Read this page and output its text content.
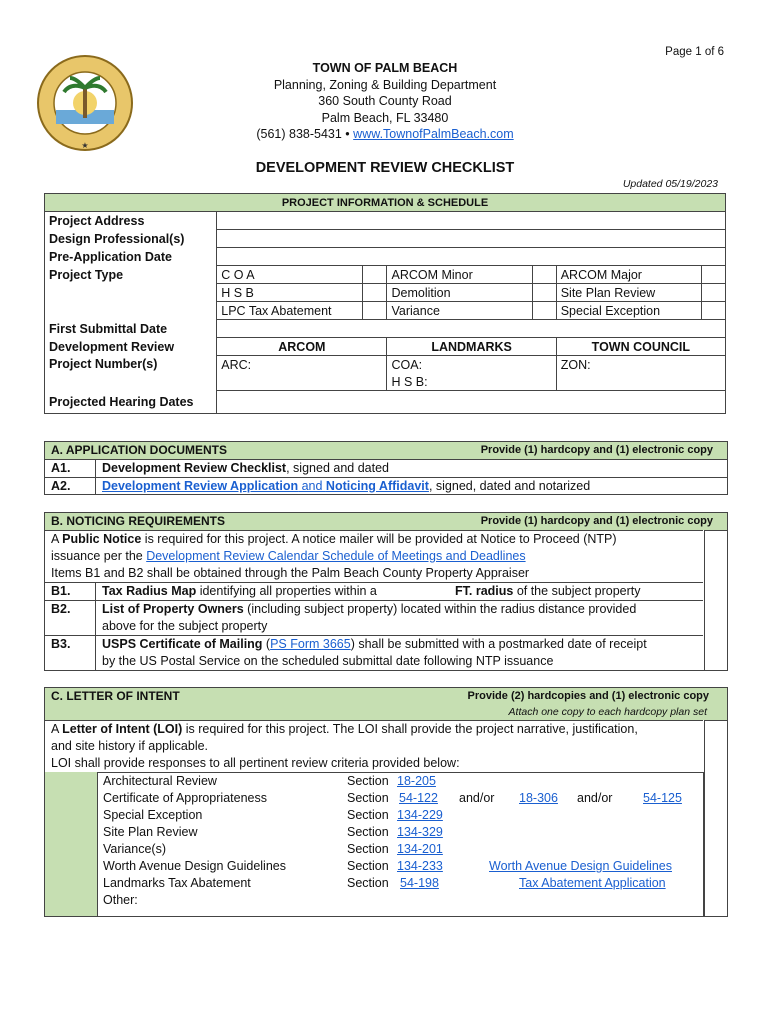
Page 1 of 6
★
TOWN OF PALM BEACH
Planning, Zoning & Building Department
360 South County Road
Palm Beach, FL 33480
(561) 838-5431 • www.TownofPalmBeach.com
DEVELOPMENT REVIEW CHECKLIST
Updated 05/19/2023
PROJECT INFORMATION & SCHEDULE						
Project Address						
Design Professional(s)						
Pre-Application Date						
Project Type	C O A		ARCOM Minor		ARCOM Major	
	H S B		Demolition		Site Plan Review	
	LPC Tax Abatement		Variance		Special Exception	
First Submittal Date						
Development Review	ARCOM		LANDMARKS		TOWN COUNCIL	
Project Number(s)	ARC:		COA:		ZON:	
			H S B:			
Projected Hearing Dates						
A. APPLICATION DOCUMENTS	Provide (1) hardcopy and (1) electronic copy
A1.	Development Review Checklist, signed and dated
A2.	Development Review Application and Noticing Affidavit, signed, dated and notarized
B. NOTICING REQUIREMENTS	Provide (1) hardcopy and (1) electronic copy
A Public Notice is required for this project. A notice mailer will be provided at Notice to Proceed (NTP)
issuance per the Development Review Calendar Schedule of Meetings and Deadlines
Items B1 and B2 shall be obtained through the Palm Beach County Property Appraiser
B1.	Tax Radius Map identifying all properties within a	FT. radius of the subject property
B2.	List of Property Owners (including subject property) located within the radius distance provided
above for the subject property
B3.	USPS Certificate of Mailing (PS Form 3665) shall be submitted with a postmarked date of receipt
by the US Postal Service on the scheduled submittal date following NTP issuance
C. LETTER OF INTENT	Provide (2) hardcopies and (1) electronic copy
Attach one copy to each hardcopy plan set
A Letter of Intent (LOI) is required for this project. The LOI shall provide the project narrative, justification,
and site history if applicable.
LOI shall provide responses to all pertinent review criteria provided below:
Architectural Review	Section 18-205
Certificate of Appropriateness	Section 54-122 and/or 18-306 and/or 54-125
Special Exception	Section 134-229
Site Plan Review	Section 134-329
Variance(s)	Section 134-201
Worth Avenue Design Guidelines	Section 134-233	Worth Avenue Design Guidelines
Landmarks Tax Abatement	Section 54-198	Tax Abatement Application
Other:
